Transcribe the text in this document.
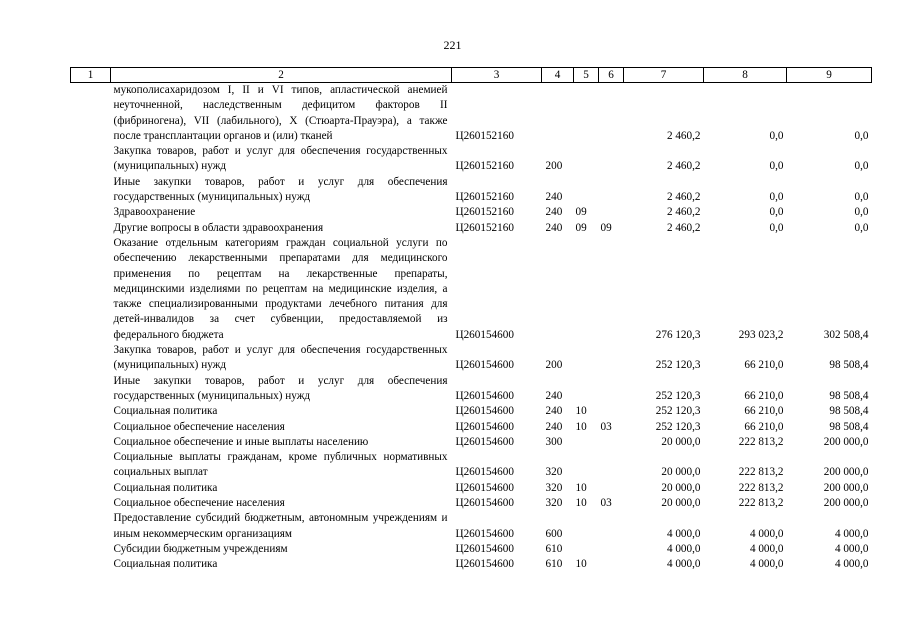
221
1	2	3	4	5	6	7	8	9
	мукополисахаридозом I, II и VI типов, апластической анемией неуточненной, наследственным дефицитом факторов II (фибриногена), VII (лабильного), X (Стюарта-Прауэра), а также после трансплантации органов и (или) тканей	Ц260152160				2 460,2	0,0	0,0
	Закупка товаров, работ и услуг для обеспечения государственных (муниципальных) нужд	Ц260152160	200			2 460,2	0,0	0,0
	Иные закупки товаров, работ и услуг для обеспечения государственных (муниципальных) нужд	Ц260152160	240			2 460,2	0,0	0,0
	Здравоохранение	Ц260152160	240	09		2 460,2	0,0	0,0
	Другие вопросы в области здравоохранения	Ц260152160	240	09	09	2 460,2	0,0	0,0
	Оказание отдельным категориям граждан социальной услуги по обеспечению лекарственными препаратами для медицинского применения по рецептам на лекарственные препараты, медицинскими изделиями по рецептам на медицинские изделия, а также специализированными продуктами лечебного питания для детей-инвалидов за счет субвенции, предоставляемой из федерального бюджета	Ц260154600				276 120,3	293 023,2	302 508,4
	Закупка товаров, работ и услуг для обеспечения государственных (муниципальных) нужд	Ц260154600	200			252 120,3	66 210,0	98 508,4
	Иные закупки товаров, работ и услуг для обеспечения государственных (муниципальных) нужд	Ц260154600	240			252 120,3	66 210,0	98 508,4
	Социальная политика	Ц260154600	240	10		252 120,3	66 210,0	98 508,4
	Социальное обеспечение населения	Ц260154600	240	10	03	252 120,3	66 210,0	98 508,4
	Социальное обеспечение и иные выплаты населению	Ц260154600	300			20 000,0	222 813,2	200 000,0
	Социальные выплаты гражданам, кроме публичных нормативных социальных выплат	Ц260154600	320			20 000,0	222 813,2	200 000,0
	Социальная политика	Ц260154600	320	10		20 000,0	222 813,2	200 000,0
	Социальное обеспечение населения	Ц260154600	320	10	03	20 000,0	222 813,2	200 000,0
	Предоставление субсидий бюджетным, автономным учреждениям и иным некоммерческим организациям	Ц260154600	600			4 000,0	4 000,0	4 000,0
	Субсидии бюджетным учреждениям	Ц260154600	610			4 000,0	4 000,0	4 000,0
	Социальная политика	Ц260154600	610	10		4 000,0	4 000,0	4 000,0
